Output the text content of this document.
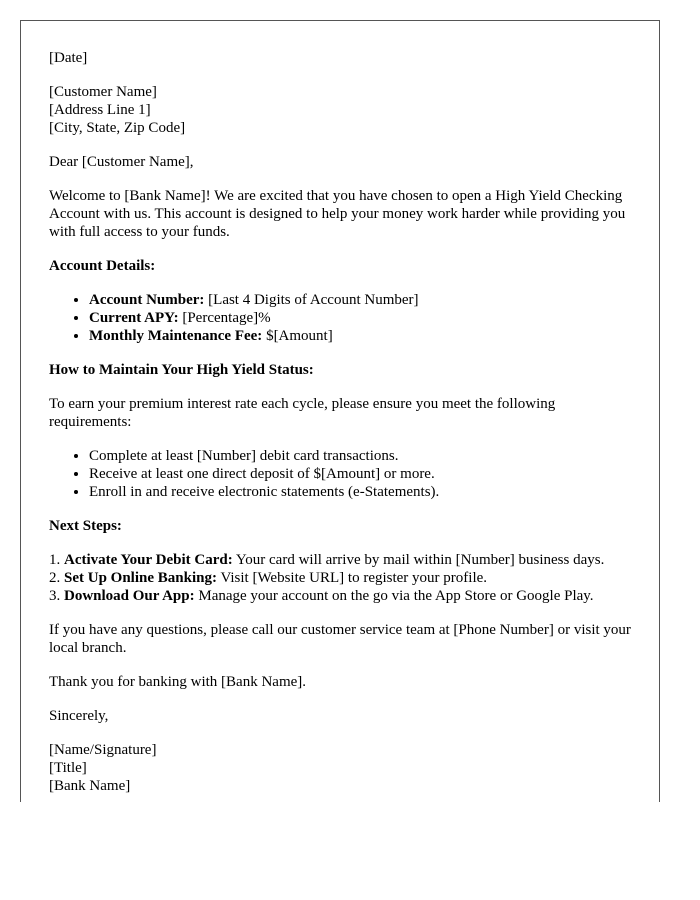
[Date]

[Customer Name]
[Address Line 1]
[City, State, Zip Code]

Dear [Customer Name],

Welcome to [Bank Name]! We are excited that you have chosen to open a High Yield Checking Account with us. This account is designed to help your money work harder while providing you with full access to your funds.

Account Details:

• Account Number: [Last 4 Digits of Account Number]
• Current APY: [Percentage]%
• Monthly Maintenance Fee: $[Amount]

How to Maintain Your High Yield Status:

To earn your premium interest rate each cycle, please ensure you meet the following requirements:

• Complete at least [Number] debit card transactions.
• Receive at least one direct deposit of $[Amount] or more.
• Enroll in and receive electronic statements (e-Statements).

Next Steps:

1. Activate Your Debit Card: Your card will arrive by mail within [Number] business days.
2. Set Up Online Banking: Visit [Website URL] to register your profile.
3. Download Our App: Manage your account on the go via the App Store or Google Play.

If you have any questions, please call our customer service team at [Phone Number] or visit your local branch.

Thank you for banking with [Bank Name].

Sincerely,

[Name/Signature]
[Title]
[Bank Name]
